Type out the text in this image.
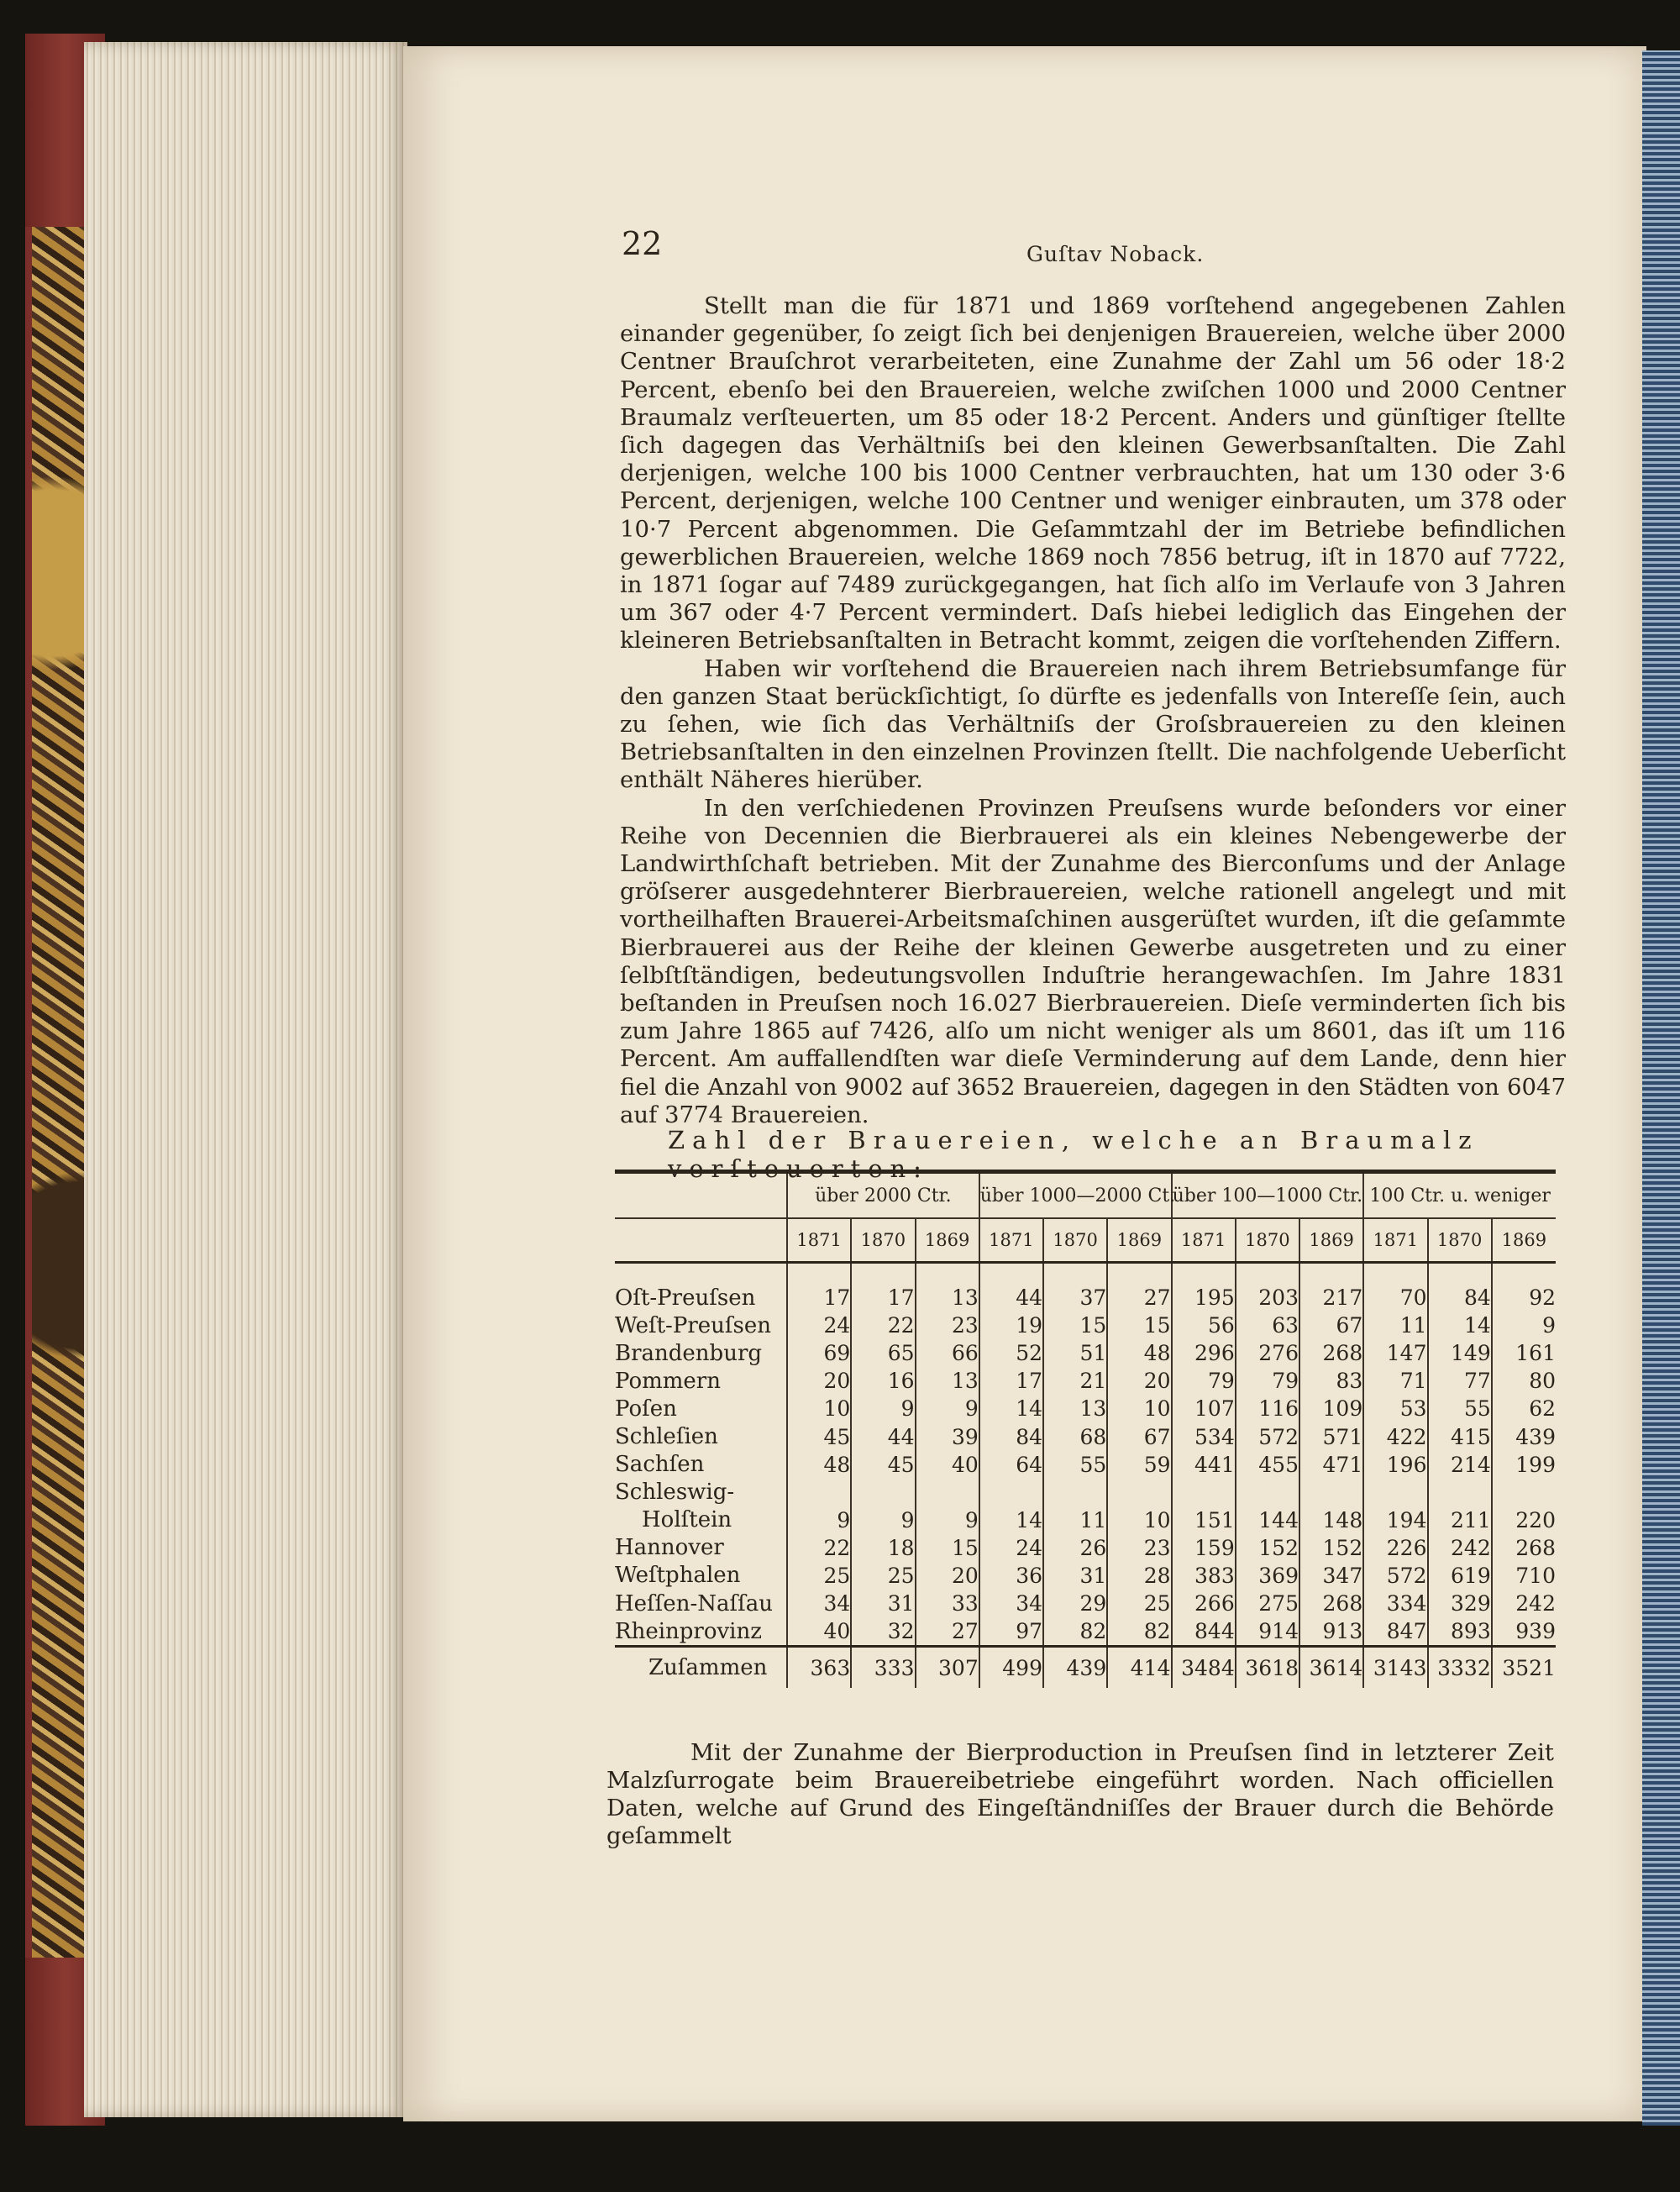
22	Guſtav Noback.

Stellt man die für 1871 und 1869 vorſtehend angegebenen Zahlen einander gegenüber, ſo zeigt ſich bei denjenigen Brauereien, welche über 2000 Centner Brauſchrot verarbeiteten, eine Zunahme der Zahl um 56 oder 18·2 Percent, ebenſo bei den Brauereien, welche zwiſchen 1000 und 2000 Centner Braumalz verſteuerten, um 85 oder 18·2 Percent. Anders und günſtiger ſtellte ſich dagegen das Verhältniſs bei den kleinen Gewerbsanſtalten. Die Zahl derjenigen, welche 100 bis 1000 Centner verbrauchten, hat um 130 oder 3·6 Percent, derjenigen, welche 100 Centner und weniger einbrauten, um 378 oder 10·7 Percent abgenommen. Die Geſammtzahl der im Betriebe befindlichen gewerblichen Brauereien, welche 1869 noch 7856 betrug, iſt in 1870 auf 7722, in 1871 ſogar auf 7489 zurückgegangen, hat ſich alſo im Verlaufe von 3 Jahren um 367 oder 4·7 Percent vermindert. Daſs hiebei lediglich das Eingehen der kleineren Betriebsanſtalten in Betracht kommt, zeigen die vorſtehenden Ziffern.

Haben wir vorſtehend die Brauereien nach ihrem Betriebsumfange für den ganzen Staat berückſichtigt, ſo dürfte es jedenfalls von Intereſſe ſein, auch zu ſehen, wie ſich das Verhältniſs der Groſsbrauereien zu den kleinen Betriebsanſtalten in den einzelnen Provinzen ſtellt. Die nachfolgende Ueberſicht enthält Näheres hierüber.

In den verſchiedenen Provinzen Preuſsens wurde beſonders vor einer Reihe von Decennien die Bierbrauerei als ein kleines Nebengewerbe der Landwirthſchaft betrieben. Mit der Zunahme des Bierconſums und der Anlage gröſserer ausgedehnterer Bierbrauereien, welche rationell angelegt und mit vortheilhaften Brauerei-Arbeitsmaſchinen ausgerüſtet wurden, iſt die geſammte Bierbrauerei aus der Reihe der kleinen Gewerbe ausgetreten und zu einer ſelbſtſtändigen, bedeutungsvollen Induſtrie herangewachſen. Im Jahre 1831 beſtanden in Preuſsen noch 16.027 Bierbrauereien. Dieſe verminderten ſich bis zum Jahre 1865 auf 7426, alſo um nicht weniger als um 8601, das iſt um 116 Percent. Am auffallendſten war dieſe Verminderung auf dem Lande, denn hier fiel die Anzahl von 9002 auf 3652 Brauereien, dagegen in den Städten von 6047 auf 3774 Brauereien.

Zahl der Brauereien, welche an Braumalz verſteuerten:
	über 2000 Ctr.			über 1000—2000 Ct.			über 100—1000 Ctr.			100 Ctr. u. weniger		
	1871	1870	1869	1871	1870	1869	1871	1870	1869	1871	1870	1869

Oſt-Preuſsen	17	17	13	44	37	27	195	203	217	70	84	92
Weſt-Preuſsen	24	22	23	19	15	15	56	63	67	11	14	9
Brandenburg	69	65	66	52	51	48	296	276	268	147	149	161
Pommern	20	16	13	17	21	20	79	79	83	71	77	80
Poſen	10	9	9	14	13	10	107	116	109	53	55	62
Schleſien	45	44	39	84	68	67	534	572	571	422	415	439
Sachſen	48	45	40	64	55	59	441	455	471	196	214	199
Schleswig-												
Holſtein	9	9	9	14	11	10	151	144	148	194	211	220
Hannover	22	18	15	24	26	23	159	152	152	226	242	268
Weſtphalen	25	25	20	36	31	28	383	369	347	572	619	710
Heſſen-Naſſau	34	31	33	34	29	25	266	275	268	334	329	242
Rheinprovinz	40	32	27	97	82	82	844	914	913	847	893	939
Zuſammen	363	333	307	499	439	414	3484	3618	3614	3143	3332	3521

Mit der Zunahme der Bierproduction in Preuſsen ſind in letzterer Zeit Malzſurrogate beim Brauereibetriebe eingeführt worden. Nach officiellen Daten, welche auf Grund des Eingeſtändniſſes der Brauer durch die Behörde geſammelt
